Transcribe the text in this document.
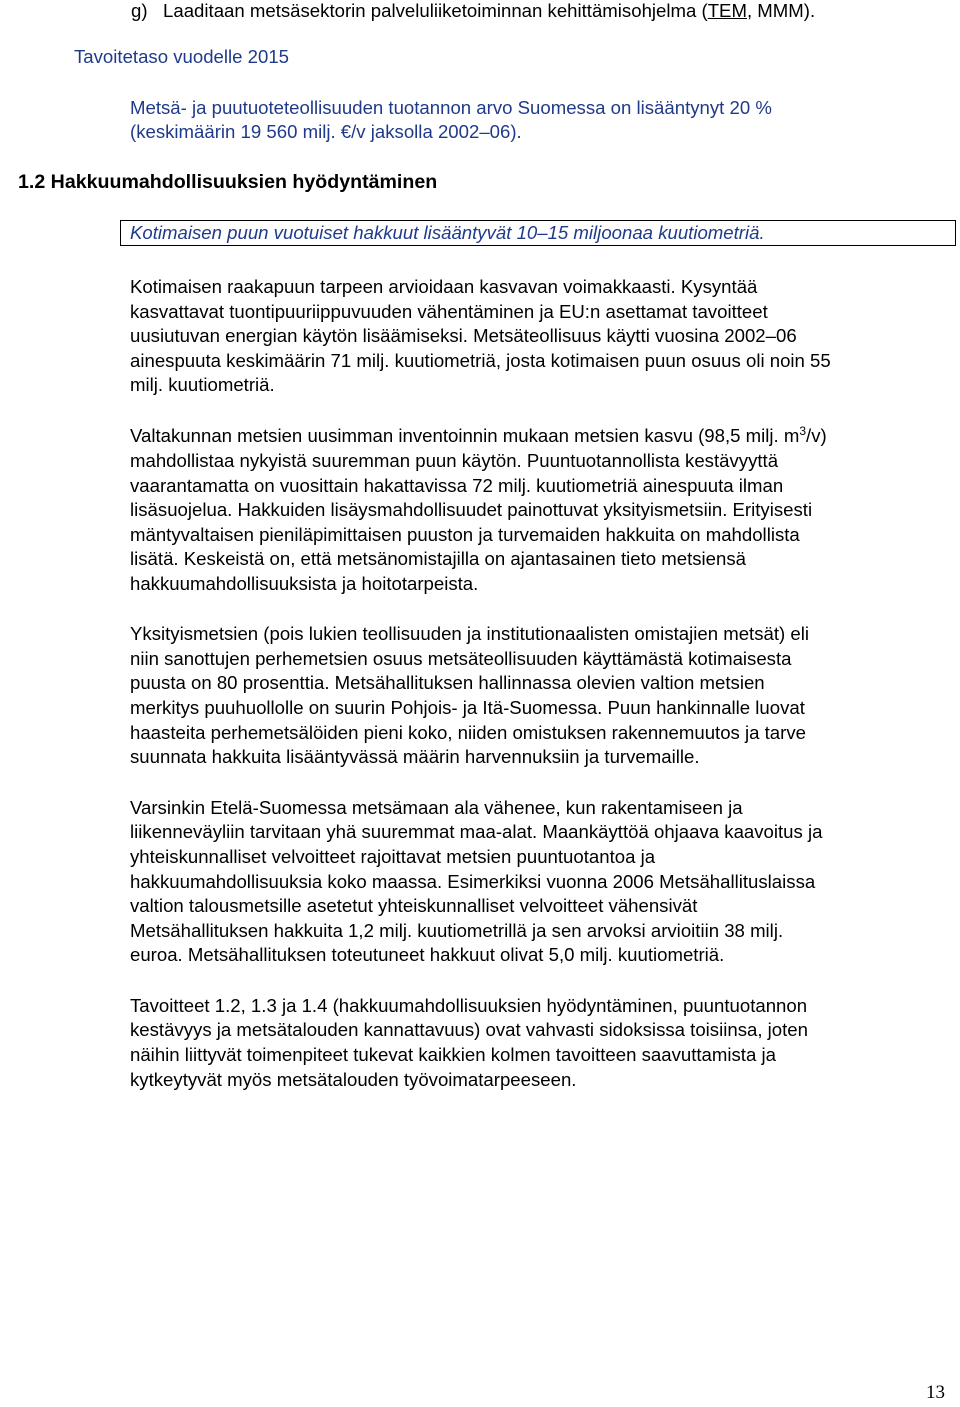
g)   Laaditaan metsäsektorin palveluliiketoiminnan kehittämisohjelma (TEM, MMM).
Tavoitetaso vuodelle 2015
Metsä- ja puutuoteteollisuuden tuotannon arvo Suomessa on lisääntynyt 20 %
(keskimäärin 19 560 milj. €/v jaksolla 2002–06).
1.2 Hakkuumahdollisuuksien hyödyntäminen
Kotimaisen puun vuotuiset hakkuut lisääntyvät 10–15 miljoonaa kuutiometriä.
Kotimaisen raakapuun tarpeen arvioidaan kasvavan voimakkaasti. Kysyntää
kasvattavat tuontipuuriippuvuuden vähentäminen ja EU:n asettamat tavoitteet
uusiutuvan energian käytön lisäämiseksi. Metsäteollisuus käytti vuosina 2002–06
ainespuuta keskimäärin 71 milj. kuutiometriä, josta kotimaisen puun osuus oli noin 55
milj. kuutiometriä.
Valtakunnan metsien uusimman inventoinnin mukaan metsien kasvu (98,5 milj. $m^3/v$)
mahdollistaa nykyistä suuremman puun käytön. Puuntuotannollista kestävyyttä
vaarantamatta on vuosittain hakattavissa 72 milj. kuutiometriä ainespuuta ilman
lisäsuojelua. Hakkuiden lisäysmahdollisuudet painottuvat yksityismetsiin. Erityisesti
mäntyvaltaisen pieniläpimittaisen puuston ja turvemaiden hakkuita on mahdollista
lisätä. Keskeistä on, että metsänomistajilla on ajantasainen tieto metsiensä
hakkuumahdollisuuksista ja hoitotarpeista.
Yksityismetsien (pois lukien teollisuuden ja institutionaalisten omistajien metsät) eli
niin sanottujen perhemetsien osuus metsäteollisuuden käyttämästä kotimaisesta
puusta on 80 prosenttia. Metsähallituksen hallinnassa olevien valtion metsien
merkitys puuhuollolle on suurin Pohjois- ja Itä-Suomessa. Puun hankinnalle luovat
haasteita perhemetsälöiden pieni koko, niiden omistuksen rakennemuutos ja tarve
suunnata hakkuita lisääntyvässä määrin harvennuksiin ja turvemaille.
Varsinkin Etelä-Suomessa metsämaan ala vähenee, kun rakentamiseen ja
liikenneväyliin tarvitaan yhä suuremmat maa-alat. Maankäyttöä ohjaava kaavoitus ja
yhteiskunnalliset velvoitteet rajoittavat metsien puuntuotantoa ja
hakkuumahdollisuuksia koko maassa. Esimerkiksi vuonna 2006 Metsähallituslaissa
valtion talousmetsille asetetut yhteiskunnalliset velvoitteet vähensivät
Metsähallituksen hakkuita 1,2 milj. kuutiometrillä ja sen arvoksi arvioitiin 38 milj.
euroa. Metsähallituksen toteutuneet hakkuut olivat 5,0 milj. kuutiometriä.
Tavoitteet 1.2, 1.3 ja 1.4 (hakkuumahdollisuuksien hyödyntäminen, puuntuotannon
kestävyys ja metsätalouden kannattavuus) ovat vahvasti sidoksissa toisiinsa, joten
näihin liittyvät toimenpiteet tukevat kaikkien kolmen tavoitteen saavuttamista ja
kytkeytyvät myös metsätalouden työvoimatarpeeseen.
13
